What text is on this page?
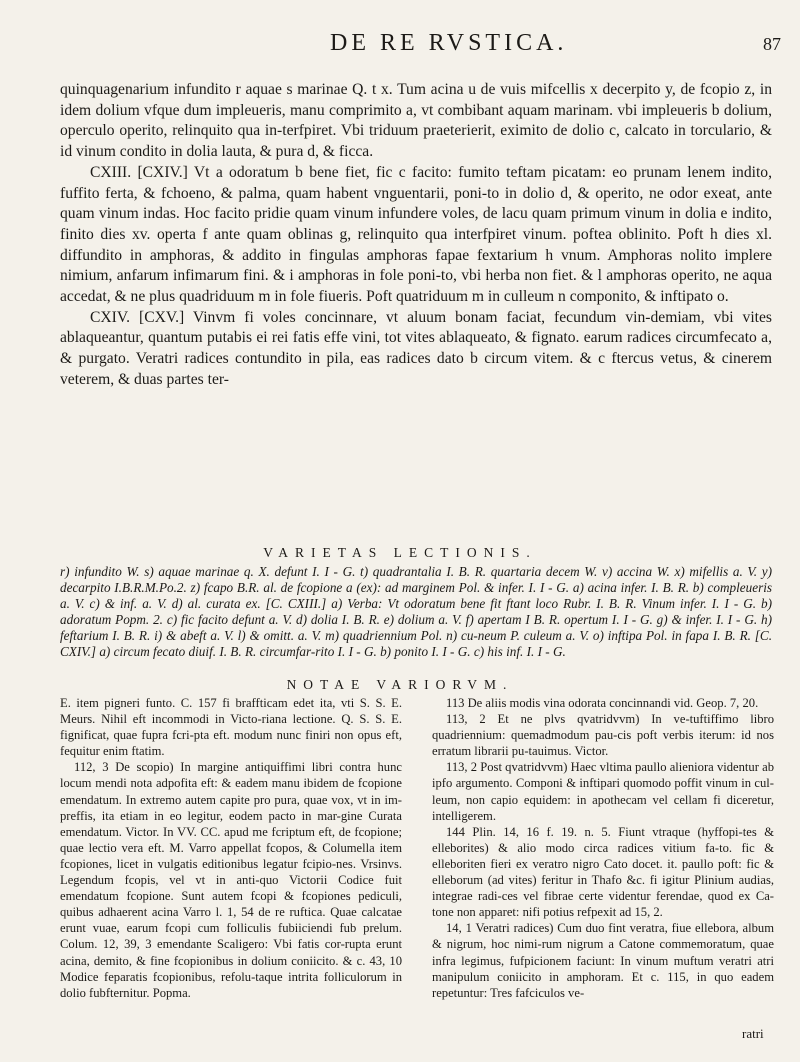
DE RE RVSTICA.	87

quinquagenarium infundito r aquae s marinae Q. t x. Tum acina u de vuis mifcellis x decerpito y, de fcopio z, in idem dolium vfque dum impleueris, manu comprimito a, vt combibant aquam marinam. vbi impleueris b dolium, operculo operito, relinquito qua in-terfpiret. Vbi triduum praeterierit, eximito de dolio c, calcato in torculario, & id vinum condito in dolia lauta, & pura d, & ficca.

CXIII. [CXIV.] Vt a odoratum b bene fiet, fic c facito: fumito teftam picatam: eo prunam lenem indito, fuffito ferta, & fchoeno, & palma, quam habent vnguentarii, poni-to in dolio d, & operito, ne odor exeat, ante quam vinum indas. Hoc facito pridie quam vinum infundere voles, de lacu quam primum vinum in dolia e indito, finito dies xv. operta f ante quam oblinas g, relinquito qua interfpiret vinum. poftea oblinito. Poft h dies xl. diffundito in amphoras, & addito in fingulas amphoras fapae fextarium h vnum. Amphoras nolito implere nimium, anfarum infimarum fini. & i amphoras in fole poni-to, vbi herba non fiet. & l amphoras operito, ne aqua accedat, & ne plus quadriduum m in fole fiueris. Poft quatriduum m in culleum n componito, & inftipato o.

CXIV. [CXV.] Vinvm fi voles concinnare, vt aluum bonam faciat, fecundum vin-demiam, vbi vites ablaqueantur, quantum putabis ei rei fatis effe vini, tot vites ablaqueato, & fignato. earum radices circumfecato a, & purgato. Veratri radices contundito in pila, eas radices dato b circum vitem. & c ftercus vetus, & cinerem veterem, & duas partes ter-

VARIETAS LECTIONIS.
r) infundito W. s) aquae marinae q. X. defunt I. I - G. t) quadrantalia I. B. R. quartaria decem W. v) accina W. x) mifellis a. V. y) decarpito I.B.R.M.Po.2. z) fcapo B.R. al. de fcopione a (ex): ad marginem Pol. & infer. I. I - G. a) acina infer. I. B. R. b) compleueris a. V. c) & inf. a. V. d) al. curata ex. [C. CXIII.] a) Verba: Vt odoratum bene fit ftant loco Rubr. I. B. R. Vinum infer. I. I - G. b) adoratum Popm. 2. c) fic facito defunt a. V. d) dolia I. B. R. e) dolium a. V. f) apertam I B. R. opertum I. I - G. g) & infer. I. I - G. h) feftarium I. B. R. i) & abeft a. V. l) & omitt. a. V. m) quadriennium Pol. n) cu-neum P. culeum a. V. o) inftipa Pol. in fapa I. B. R. [C. CXIV.] a) circum fecato diuif. I. B. R. circumfar-rito I. I - G. b) ponito I. I - G. c) his inf. I. I - G.
NOTAE VARIORVM.

E. item pigneri funto. C. 157 fi braffticam edet ita, vti S. S. E. Meurs. Nihil eft incommodi in Victo-riana lectione. Q. S. S. E. fignificat, quae fupra fcri-pta eft. modum nunc finiri non opus eft, fequitur enim ftatim.

112, 3 De scopio) In margine antiquiffimi libri contra hunc locum mendi nota adpofita eft: & eadem manu ibidem de fcopione emendatum. In extremo autem capite pro pura, quae vox, vt in im-preffis, ita etiam in eo legitur, eodem pacto in mar-gine Curata emendatum. Victor. In VV. CC. apud me fcriptum eft, de fcopione; quae lectio vera eft. M. Varro appellat fcopos, & Columella item fcopiones, licet in vulgatis editionibus legatur fcipio-nes. Vrsinvs. Legendum fcopis, vel vt in anti-quo Victorii Codice fuit emendatum fcopione. Sunt autem fcopi & fcopiones pediculi, quibus adhaerent acina Varro l. 1, 54 de re ruftica. Quae calcatae erunt vuae, earum fcopi cum folliculis fubiiciendi fub prelum. Colum. 12, 39, 3 emendante Scaligero: Vbi fatis cor-rupta erunt acina, demito, & fine fcopionibus in dolium coniicito. & c. 43, 10 Modice feparatis fcopionibus, refolu-taque intrita folliculorum in dolio fubfternitur. Popma.

113 De aliis modis vina odorata concinnandi vid. Geop. 7, 20.

113, 2 Et ne plvs qvatridvvm) In ve-tuftiffimo libro quadriennium: quemadmodum pau-cis poft verbis iterum: id nos erratum librarii pu-tauimus. Victor.

113, 2 Post qvatridvvm) Haec vltima paullo alieniora videntur ab ipfo argumento. Componi & inftipari quomodo poffit vinum in cul-leum, non capio equidem: in apothecam vel cellam fi diceretur, intelligerem.

144 Plin. 14, 16 f. 19. n. 5. Fiunt vtraque (hyffopi-tes & elleborites) & alio modo circa radices vitium fa-to. fic & elleboriten fieri ex veratro nigro Cato docet. it. paullo poft: fic & elleborum (ad vites) feritur in Thafo &c. fi igitur Plinium audias, integrae radi-ces vel fibrae certe videntur ferendae, quod ex Ca-tone non apparet: nifi potius refpexit ad 15, 2.

14, 1 Veratri radices) Cum duo fint veratra, fiue ellebora, album & nigrum, hoc nimi-rum nigrum a Catone commemoratum, quae infra legimus, fufpicionem faciunt: In vinum muftum veratri atri manipulum coniicito in amphoram. Et c. 115, in quo eadem repetuntur: Tres fafciculos ve-

ratri
